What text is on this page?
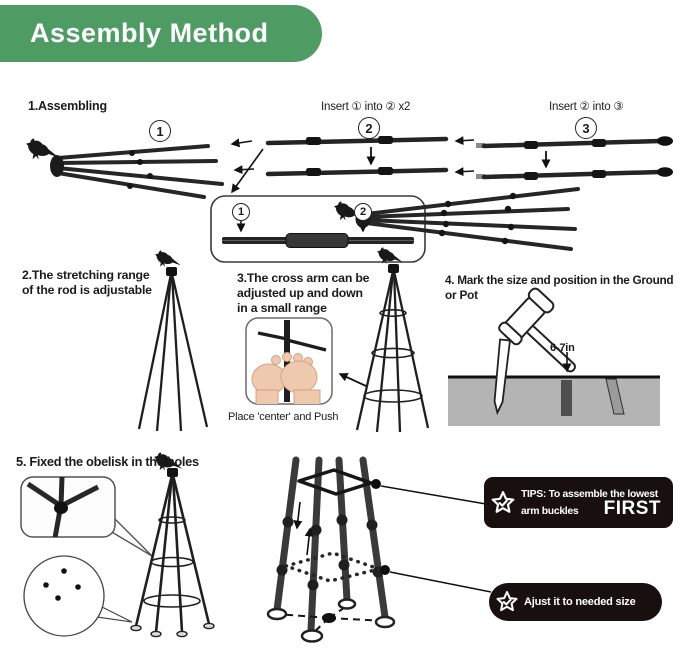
Assembly Method
1.Assembling	Insert ① into ② x2	Insert ② into ③
1	2	3
1	2
2.The stretching range
of the rod is adjustable
3.The cross arm can be
adjusted up and down
in a small range
Place 'center' and Push
4. Mark the size and position in the Ground
or Pot
6-7in
5. Fixed the obelisk in the holes
TIPS: To assemble the lowest
arm buckles FIRST
Ajust it to needed size
